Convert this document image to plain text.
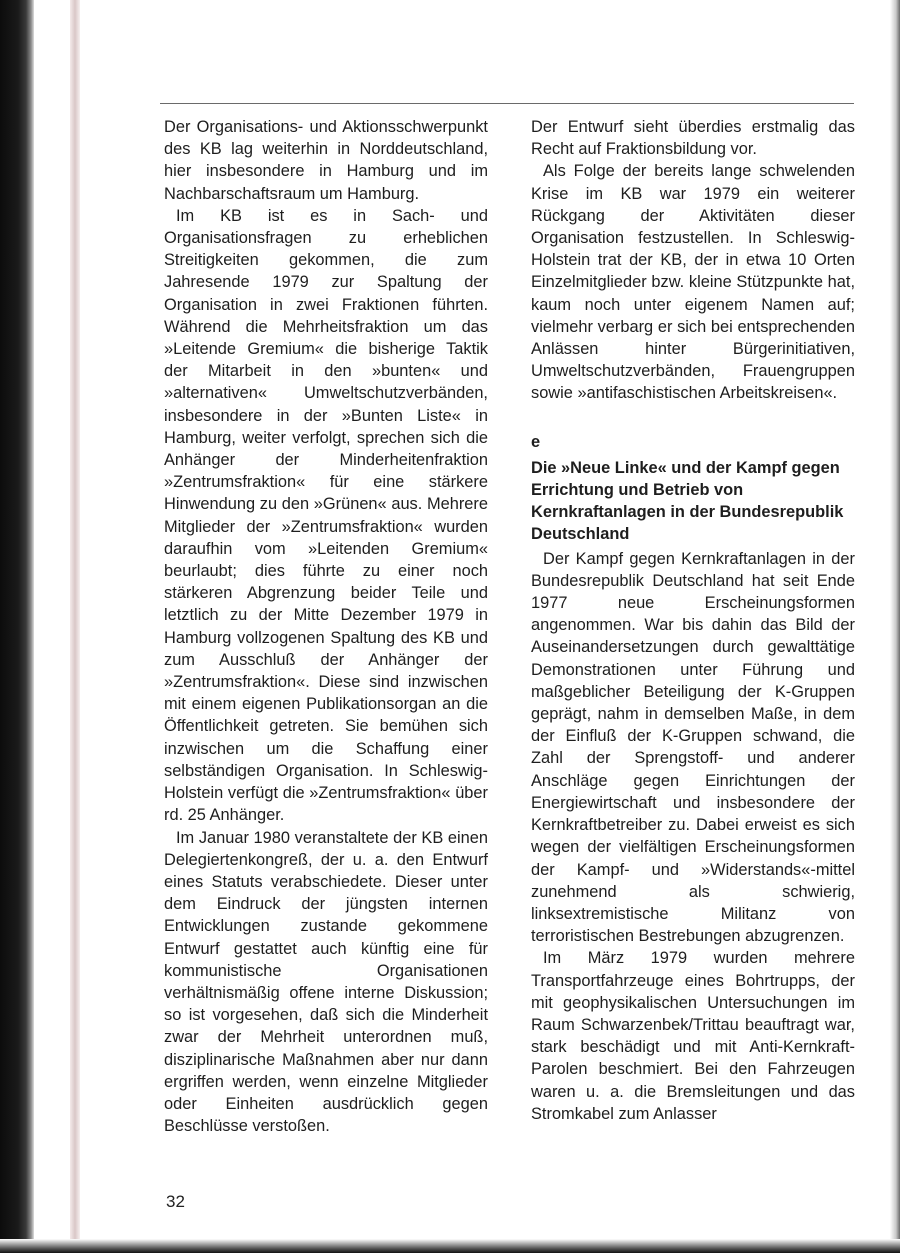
Der Organisations- und Aktionsschwerpunkt des KB lag weiterhin in Norddeutschland, hier insbesondere in Hamburg und im Nachbarschaftsraum um Hamburg.

Im KB ist es in Sach- und Organisationsfragen zu erheblichen Streitigkeiten gekommen, die zum Jahresende 1979 zur Spaltung der Organisation in zwei Fraktionen führten. Während die Mehrheitsfraktion um das »Leitende Gremium« die bisherige Taktik der Mitarbeit in den »bunten« und »alternativen« Umweltschutzverbänden, insbesondere in der »Bunten Liste« in Hamburg, weiter verfolgt, sprechen sich die Anhänger der Minderheitenfraktion »Zentrumsfraktion« für eine stärkere Hinwendung zu den »Grünen« aus. Mehrere Mitglieder der »Zentrumsfraktion« wurden daraufhin vom »Leitenden Gremium« beurlaubt; dies führte zu einer noch stärkeren Abgrenzung beider Teile und letztlich zu der Mitte Dezember 1979 in Hamburg vollzogenen Spaltung des KB und zum Ausschluß der Anhänger der »Zentrumsfraktion«. Diese sind inzwischen mit einem eigenen Publikationsorgan an die Öffentlichkeit getreten. Sie bemühen sich inzwischen um die Schaffung einer selbständigen Organisation. In Schleswig-Holstein verfügt die »Zentrumsfraktion« über rd. 25 Anhänger.

Im Januar 1980 veranstaltete der KB einen Delegiertenkongreß, der u. a. den Entwurf eines Statuts verabschiedete. Dieser unter dem Eindruck der jüngsten internen Entwicklungen zustande gekommene Entwurf gestattet auch künftig eine für kommunistische Organisationen verhältnismäßig offene interne Diskussion; so ist vorgesehen, daß sich die Minderheit zwar der Mehrheit unterordnen muß, disziplinarische Maßnahmen aber nur dann ergriffen werden, wenn einzelne Mitglieder oder Einheiten ausdrücklich gegen Beschlüsse verstoßen.

Der Entwurf sieht überdies erstmalig das Recht auf Fraktionsbildung vor.

Als Folge der bereits lange schwelenden Krise im KB war 1979 ein weiterer Rückgang der Aktivitäten dieser Organisation festzustellen. In Schleswig-Holstein trat der KB, der in etwa 10 Orten Einzelmitglieder bzw. kleine Stützpunkte hat, kaum noch unter eigenem Namen auf; vielmehr verbarg er sich bei entsprechenden Anlässen hinter Bürgerinitiativen, Umweltschutzverbänden, Frauengruppen sowie »antifaschistischen Arbeitskreisen«.

e
Die »Neue Linke« und der Kampf gegen Errichtung und Betrieb von Kernkraftanlagen in der Bundesrepublik Deutschland

Der Kampf gegen Kernkraftanlagen in der Bundesrepublik Deutschland hat seit Ende 1977 neue Erscheinungsformen angenommen. War bis dahin das Bild der Auseinandersetzungen durch gewalttätige Demonstrationen unter Führung und maßgeblicher Beteiligung der K-Gruppen geprägt, nahm in demselben Maße, in dem der Einfluß der K-Gruppen schwand, die Zahl der Sprengstoff- und anderer Anschläge gegen Einrichtungen der Energiewirtschaft und insbesondere der Kernkraftbetreiber zu. Dabei erweist es sich wegen der vielfältigen Erscheinungsformen der Kampf- und »Widerstands«-mittel zunehmend als schwierig, linksextremistische Militanz von terroristischen Bestrebungen abzugrenzen.

Im März 1979 wurden mehrere Transportfahrzeuge eines Bohrtrupps, der mit geophysikalischen Untersuchungen im Raum Schwarzenbek/Trittau beauftragt war, stark beschädigt und mit Anti-Kernkraft-Parolen beschmiert. Bei den Fahrzeugen waren u. a. die Bremsleitungen und das Stromkabel zum Anlasser

32
